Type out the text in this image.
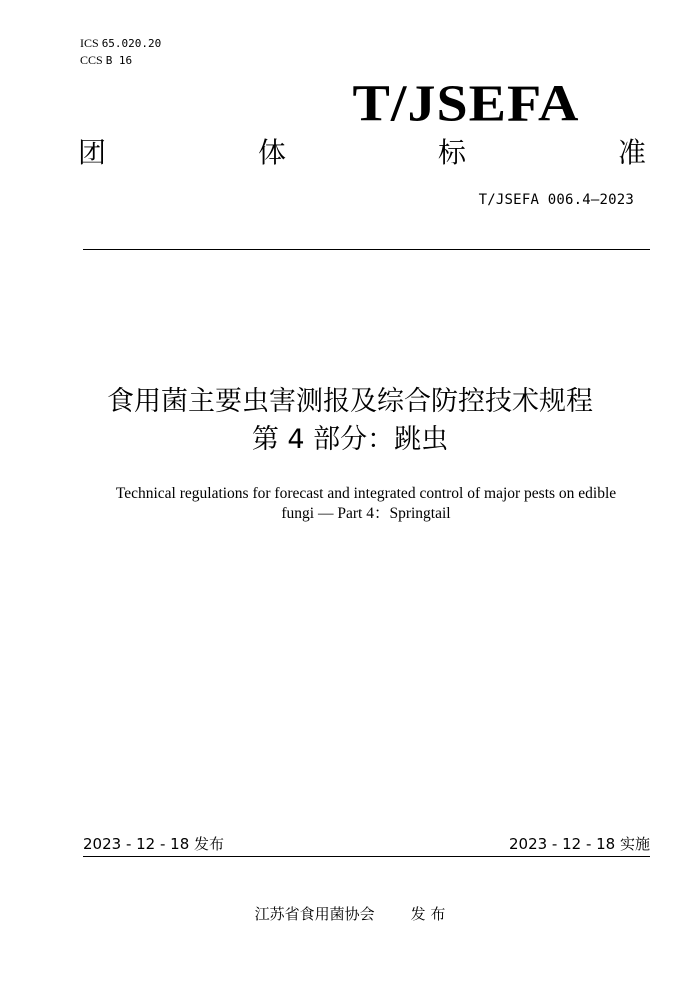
ICS 65.020.20
CCS B 16
T/JSEFA
团	体	标	准
T/JSEFA 006.4—2023
食用菌主要虫害测报及综合防控技术规程
第 4 部分：跳虫
Technical regulations for forecast and integrated control of major pests on edible
fungi — Part 4：Springtail
2023 - 12 - 18 发布	2023 - 12 - 18 实施
江苏省食用菌协会 发 布
